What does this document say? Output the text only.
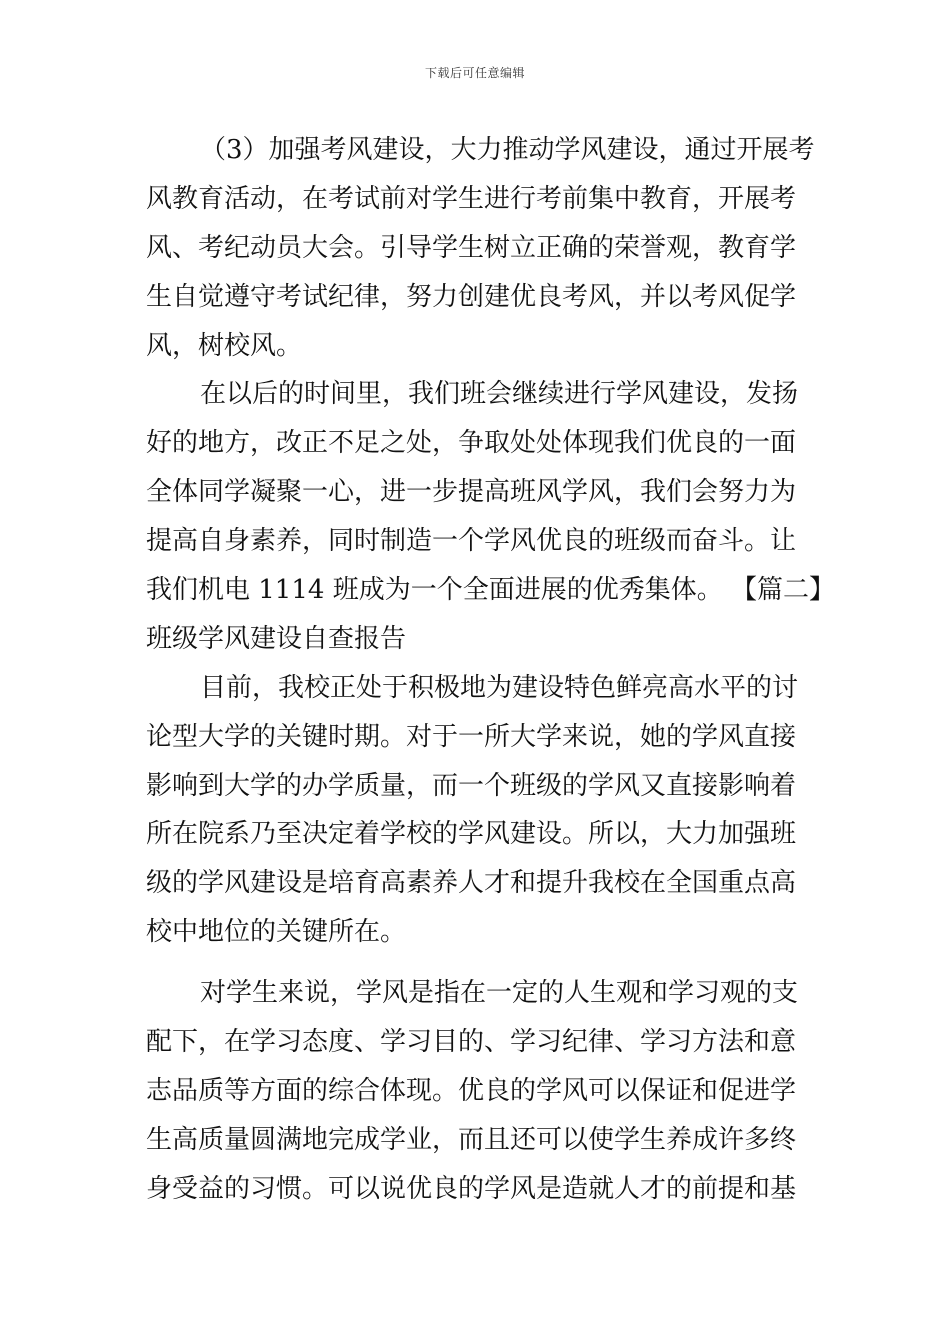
下载后可任意编辑
（3）加强考风建设，大力推动学风建设，通过开展考
风教育活动，在考试前对学生进行考前集中教育，开展考
风、考纪动员大会。引导学生树立正确的荣誉观，教育学
生自觉遵守考试纪律，努力创建优良考风，并以考风促学
风，树校风。
在以后的时间里，我们班会继续进行学风建设，发扬
好的地方，改正不足之处，争取处处体现我们优良的一面
全体同学凝聚一心，进一步提高班风学风，我们会努力为
提高自身素养，同时制造一个学风优良的班级而奋斗。让
我们机电 1114 班成为一个全面进展的优秀集体。 【篇二】
班级学风建设自查报告
目前，我校正处于积极地为建设特色鲜亮高水平的讨
论型大学的关键时期。对于一所大学来说，她的学风直接
影响到大学的办学质量，而一个班级的学风又直接影响着
所在院系乃至决定着学校的学风建设。所以，大力加强班
级的学风建设是培育高素养人才和提升我校在全国重点高
校中地位的关键所在。
对学生来说，学风是指在一定的人生观和学习观的支
配下，在学习态度、学习目的、学习纪律、学习方法和意
志品质等方面的综合体现。优良的学风可以保证和促进学
生高质量圆满地完成学业，而且还可以使学生养成许多终
身受益的习惯。可以说优良的学风是造就人才的前提和基
